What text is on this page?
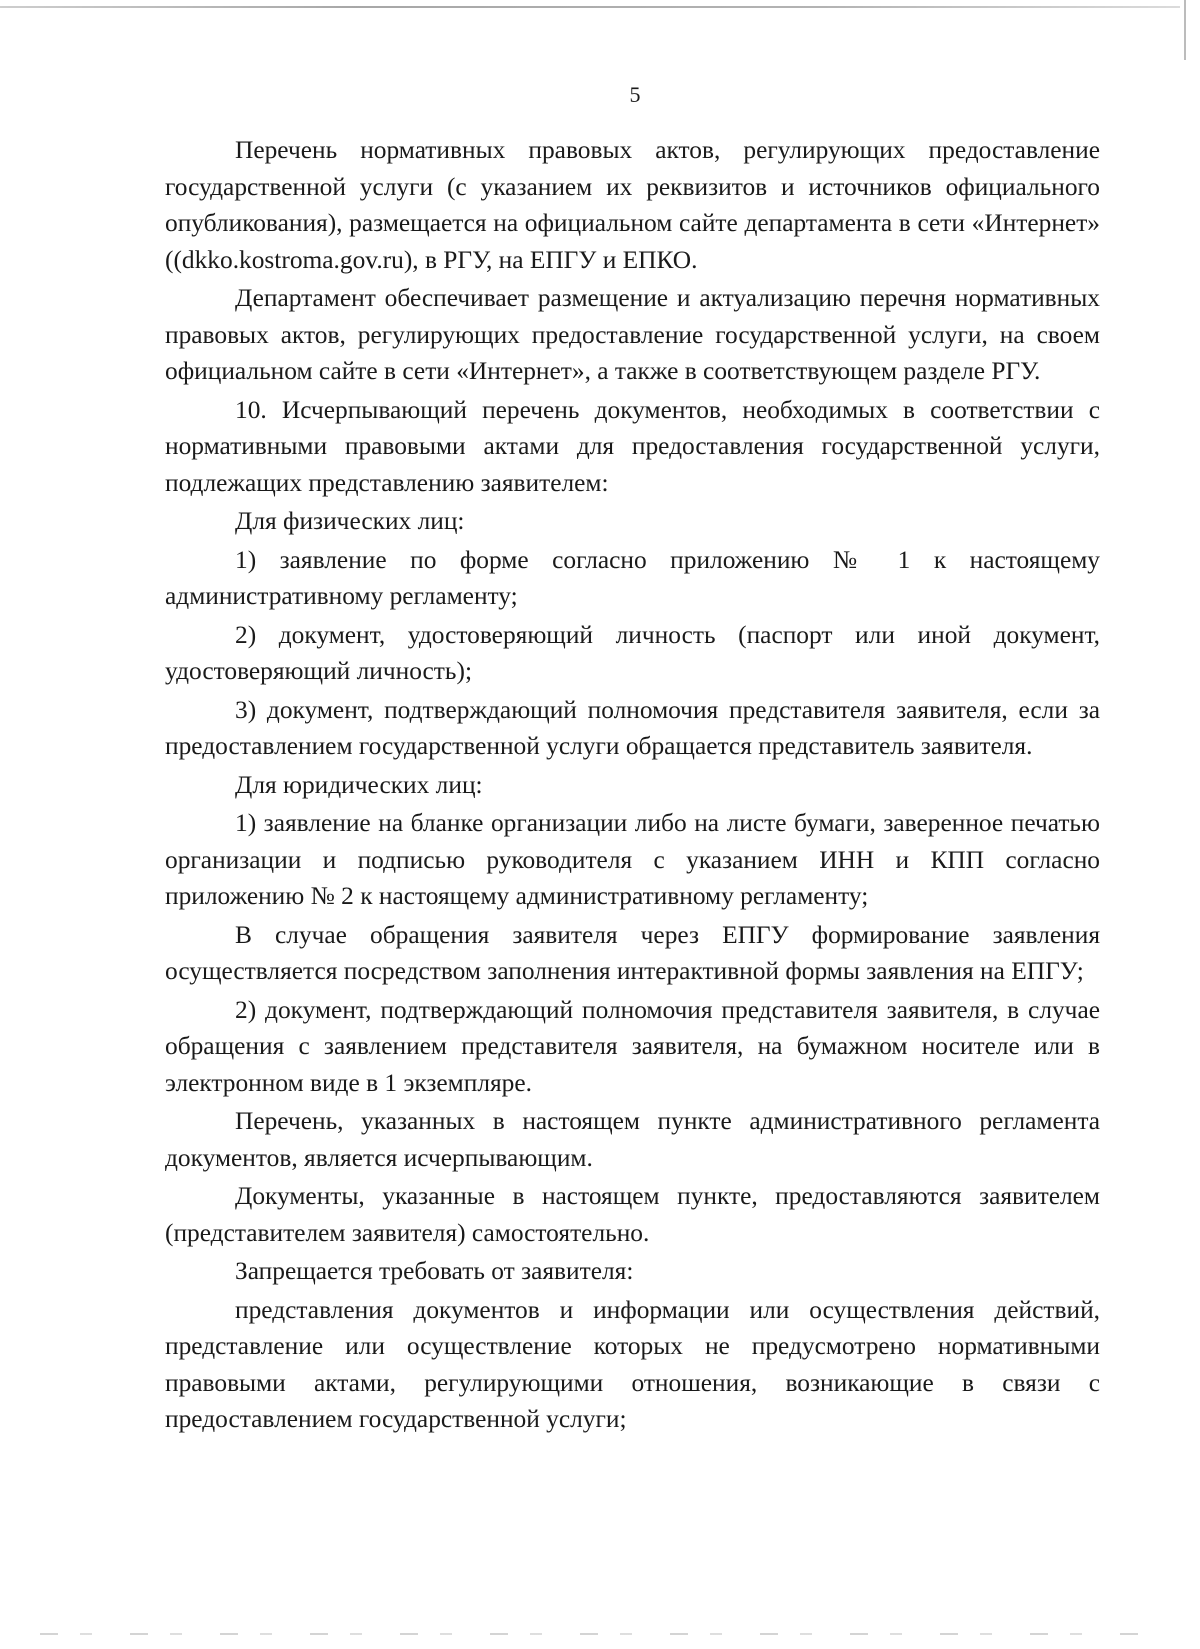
5

Перечень нормативных правовых актов, регулирующих предоставление государственной услуги (с указанием их реквизитов и источников официального опубликования), размещается на официальном сайте департамента в сети «Интернет» ((dkko.kostroma.gov.ru), в РГУ, на ЕПГУ и ЕПКО.

Департамент обеспечивает размещение и актуализацию перечня нормативных правовых актов, регулирующих предоставление государственной услуги, на своем официальном сайте в сети «Интернет», а также в соответствующем разделе РГУ.

10. Исчерпывающий перечень документов, необходимых в соответствии с нормативными правовыми актами для предоставления государственной услуги, подлежащих представлению заявителем:

Для физических лиц:

1) заявление по форме согласно приложению № 1 к настоящему административному регламенту;

2) документ, удостоверяющий личность (паспорт или иной документ, удостоверяющий личность);

3) документ, подтверждающий полномочия представителя заявителя, если за предоставлением государственной услуги обращается представитель заявителя.

Для юридических лиц:

1) заявление на бланке организации либо на листе бумаги, заверенное печатью организации и подписью руководителя с указанием ИНН и КПП согласно приложению № 2 к настоящему административному регламенту;

В случае обращения заявителя через ЕПГУ формирование заявления осуществляется посредством заполнения интерактивной формы заявления на ЕПГУ;

2) документ, подтверждающий полномочия представителя заявителя, в случае обращения с заявлением представителя заявителя, на бумажном носителе или в электронном виде в 1 экземпляре.

Перечень, указанных в настоящем пункте административного регламента документов, является исчерпывающим.

Документы, указанные в настоящем пункте, предоставляются заявителем (представителем заявителя) самостоятельно.

Запрещается требовать от заявителя:

представления документов и информации или осуществления действий, представление или осуществление которых не предусмотрено нормативными правовыми актами, регулирующими отношения, возникающие в связи с предоставлением государственной услуги;
